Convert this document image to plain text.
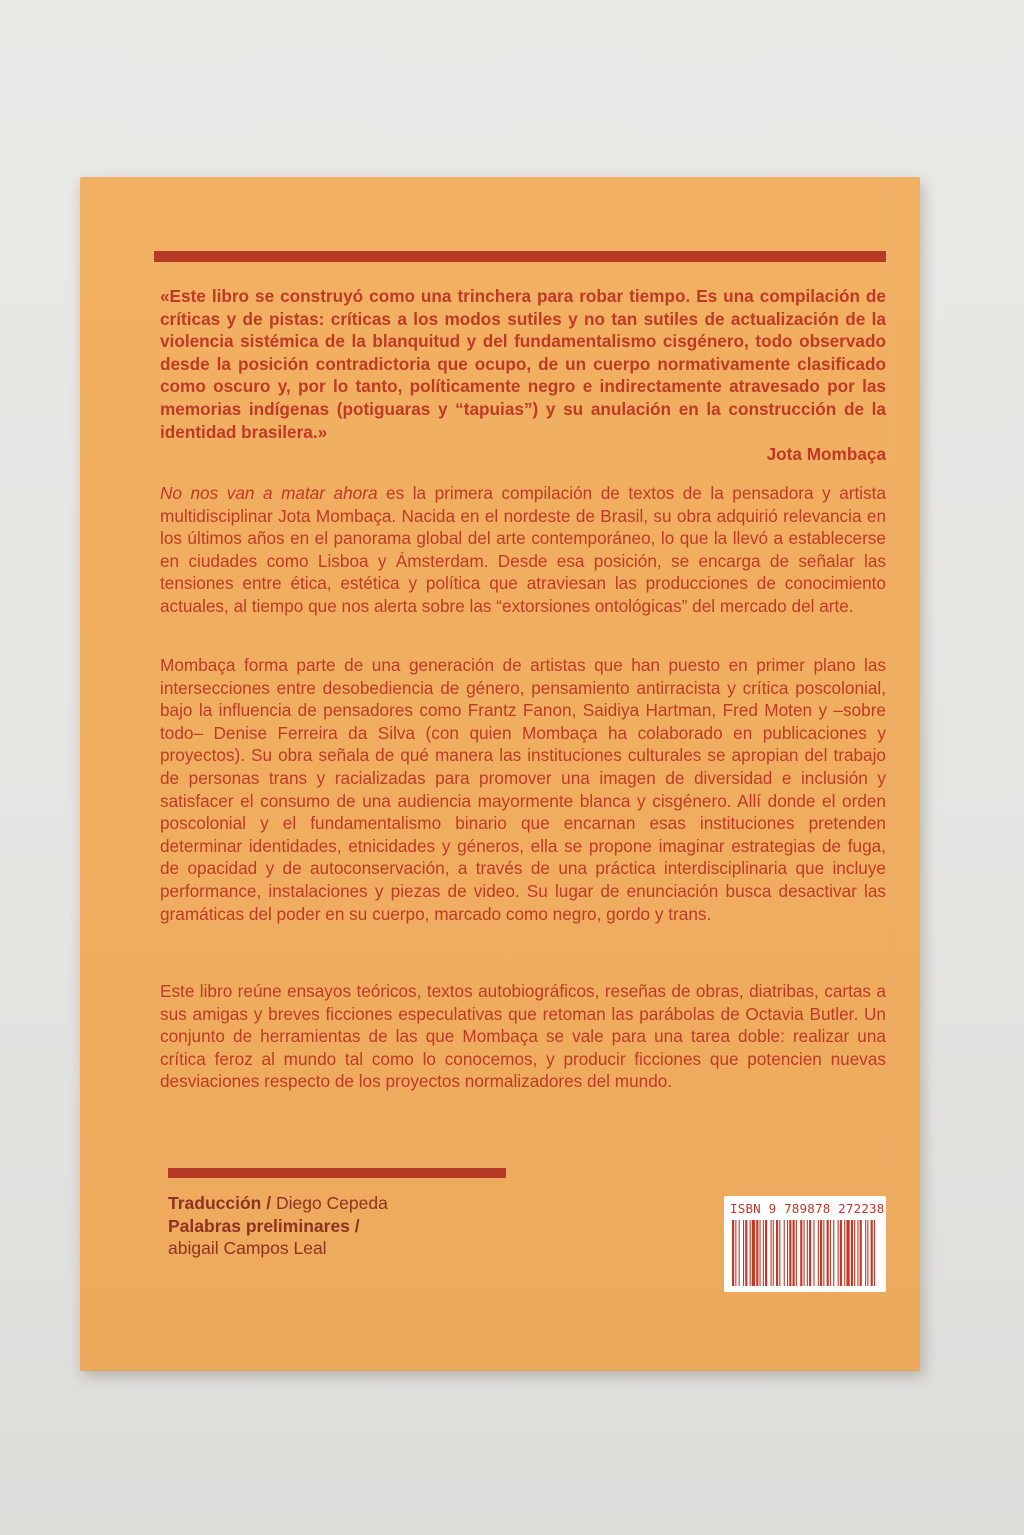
«Este libro se construyó como una trinchera para robar tiempo. Es una compilación de críticas y de pistas: críticas a los modos sutiles y no tan sutiles de actualización de la violencia sistémica de la blanquitud y del fundamentalismo cisgénero, todo observado desde la posición contradictoria que ocupo, de un cuerpo normativamente clasificado como oscuro y, por lo tanto, políticamente negro e indirectamente atravesado por las memorias indígenas (potiguaras y “tapuias”) y su anulación en la construcción de la identidad brasilera.»
Jota Mombaça
No nos van a matar ahora es la primera compilación de textos de la pensadora y artista multidisciplinar Jota Mombaça. Nacida en el nordeste de Brasil, su obra adquirió relevancia en los últimos años en el panorama global del arte contemporáneo, lo que la llevó a establecerse en ciudades como Lisboa y Ámsterdam. Desde esa posición, se encarga de señalar las tensiones entre ética, estética y política que atraviesan las producciones de conocimiento actuales, al tiempo que nos alerta sobre las “extorsiones ontológicas” del mercado del arte.
Mombaça forma parte de una generación de artistas que han puesto en primer plano las intersecciones entre desobediencia de género, pensamiento antirracista y crítica poscolonial, bajo la influencia de pensadores como Frantz Fanon, Saidiya Hartman, Fred Moten y –sobre todo– Denise Ferreira da Silva (con quien Mombaça ha colaborado en publicaciones y proyectos). Su obra señala de qué manera las instituciones culturales se apropian del trabajo de personas trans y racializadas para promover una imagen de diversidad e inclusión y satisfacer el consumo de una audiencia mayormente blanca y cisgénero. Allí donde el orden poscolonial y el fundamentalismo binario que encarnan esas instituciones pretenden determinar identidades, etnicidades y géneros, ella se propone imaginar estrategias de fuga, de opacidad y de autoconservación, a través de una práctica interdisciplinaria que incluye performance, instalaciones y piezas de video. Su lugar de enunciación busca desactivar las gramáticas del poder en su cuerpo, marcado como negro, gordo y trans.
Este libro reúne ensayos teóricos, textos autobiográficos, reseñas de obras, diatribas, cartas a sus amigas y breves ficciones especulativas que retoman las parábolas de Octavia Butler. Un conjunto de herramientas de las que Mombaça se vale para una tarea doble: realizar una crítica feroz al mundo tal como lo conocemos, y producir ficciones que potencien nuevas desviaciones respecto de los proyectos normalizadores del mundo.
Traducción / Diego Cepeda
Palabras preliminares /
abigail Campos Leal
ISBN 9 789878 272238
